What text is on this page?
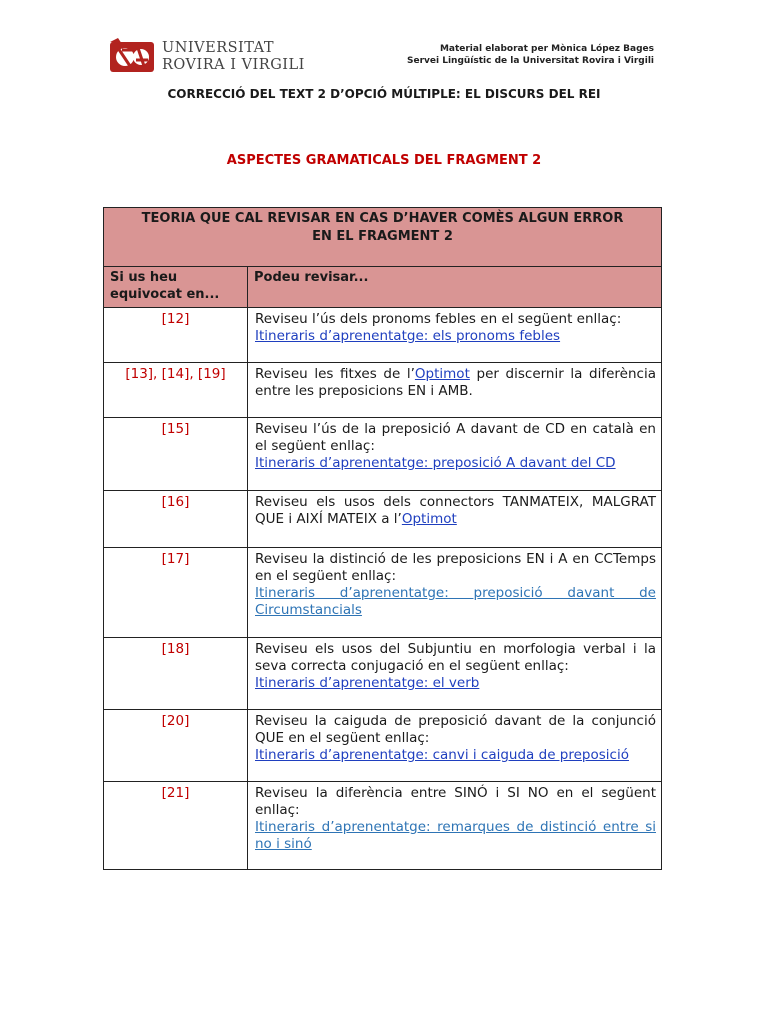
UNIVERSITAT
ROVIRA I VIRGILI
Material elaborat per Mònica López Bages
Servei Lingüístic de la Universitat Rovira i Virgili
CORRECCIÓ DEL TEXT 2 D’OPCIÓ MÚLTIPLE: EL DISCURS DEL REI
ASPECTES GRAMATICALS DEL FRAGMENT 2
TEORIA QUE CAL REVISAR EN CAS D’HAVER COMÈS ALGUN ERROR
EN EL FRAGMENT 2	

Si us heu equivocat en...	Podeu revisar...
[12]	Reviseu l’ús dels pronoms febles en el següent enllaç:
Itineraris d’aprenentatge: els pronoms febles
[13], [14], [19]	Reviseu les fitxes de l’Optimot per discernir la diferència entre les preposicions EN i AMB.
[15]	Reviseu l’ús de la preposició A davant de CD en català en el següent enllaç:
Itineraris d’aprenentatge: preposició A davant del CD
[16]	Reviseu els usos dels connectors TANMATEIX, MALGRAT QUE i AIXÍ MATEIX a l’Optimot
[17]	Reviseu la distinció de les preposicions EN i A en CCTemps en el següent enllaç:
Itineraris d’aprenentatge: preposició davant de Circumstancials
[18]	Reviseu els usos del Subjuntiu en morfologia verbal i la seva correcta conjugació en el següent enllaç:
Itineraris d’aprenentatge: el verb
[20]	Reviseu la caiguda de preposició davant de la conjunció QUE en el següent enllaç:
Itineraris d’aprenentatge: canvi i caiguda de preposició
[21]	Reviseu la diferència entre SINÓ i SI NO en el següent enllaç:
Itineraris d’aprenentatge: remarques de distinció entre si no i sinó
